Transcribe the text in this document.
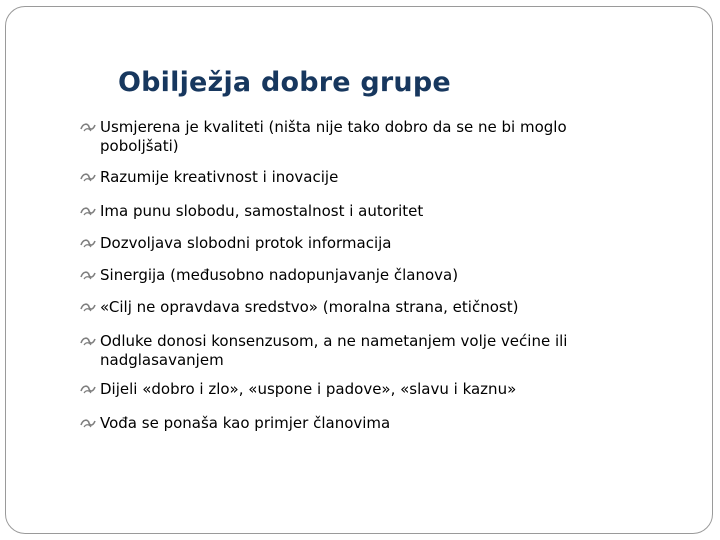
Obilježja dobre grupe
Usmjerena je kvaliteti (ništa nije tako dobro da se ne bi moglo poboljšati)
Razumije kreativnost i inovacije
Ima punu slobodu, samostalnost i autoritet
Dozvoljava slobodni protok informacija
Sinergija (međusobno nadopunjavanje članova)
«Cilj ne opravdava sredstvo» (moralna strana, etičnost)
Odluke donosi konsenzusom, a ne nametanjem volje većine ili nadglasavanjem
Dijeli «dobro i zlo», «uspone i padove», «slavu i kaznu»
Vođa se ponaša kao primjer članovima
